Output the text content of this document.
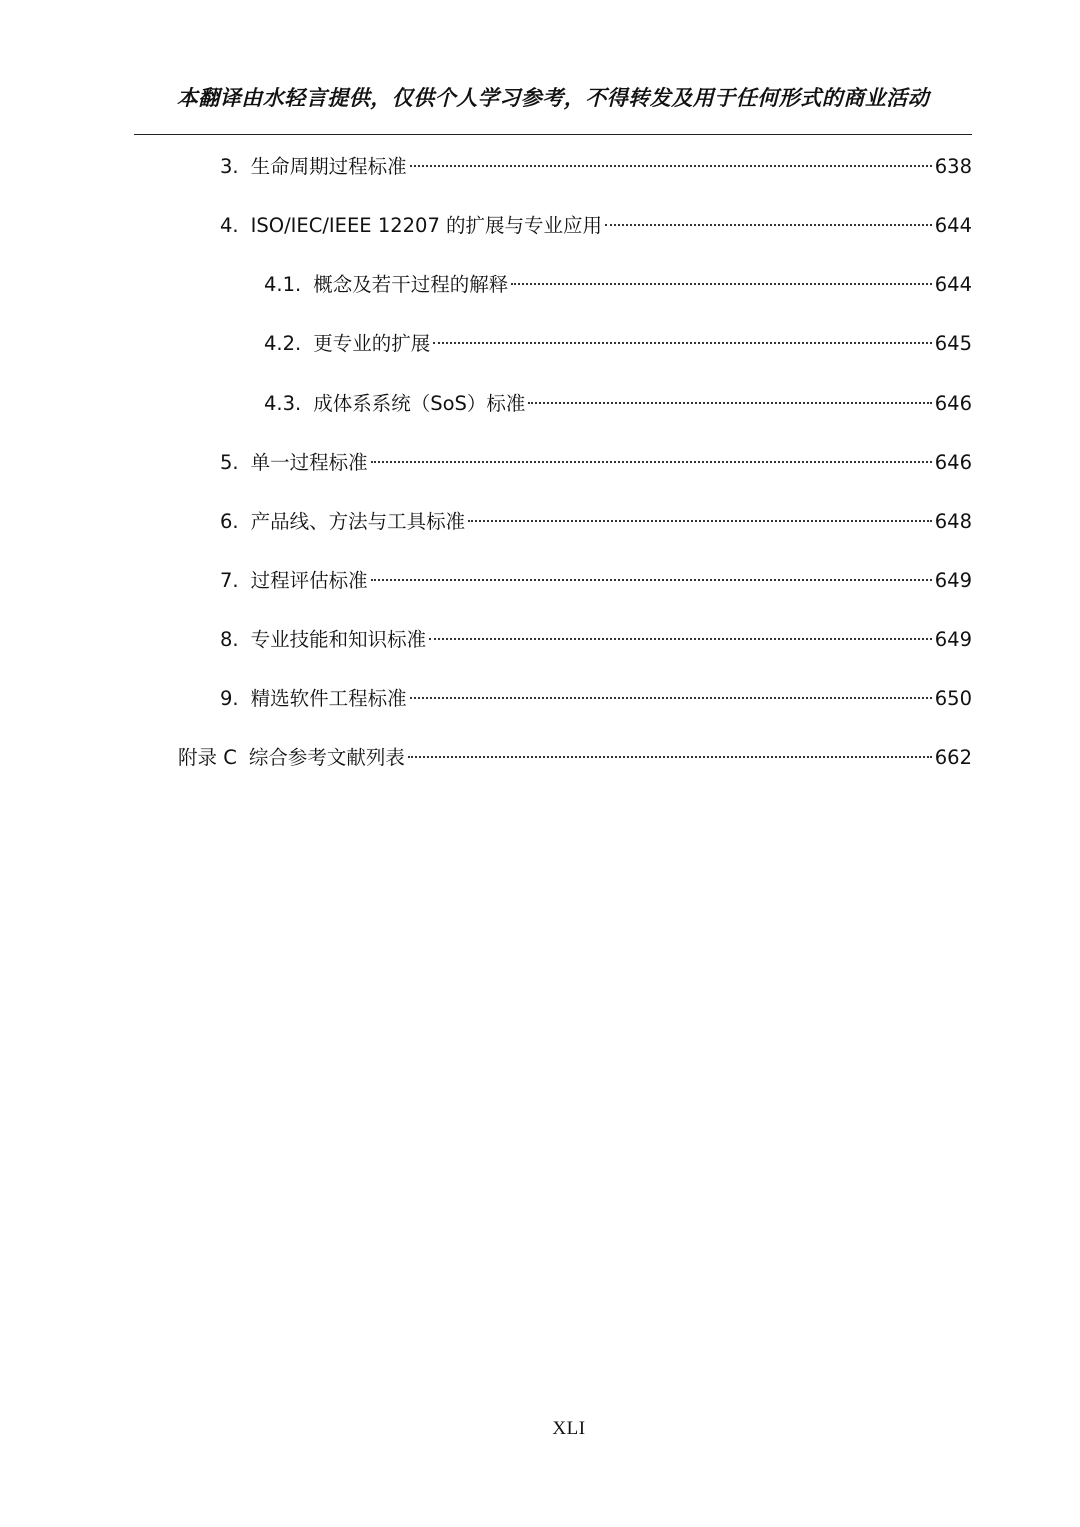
本翻译由水轻言提供，仅供个人学习参考，不得转发及用于任何形式的商业活动
3. 生命周期过程标准	638
4. ISO/IEC/IEEE 12207 的扩展与专业应用	644
4.1. 概念及若干过程的解释	644
4.2. 更专业的扩展	645
4.3. 成体系系统（SoS）标准	646
5. 单一过程标准	646
6. 产品线、方法与工具标准	648
7. 过程评估标准	649
8. 专业技能和知识标准	649
9. 精选软件工程标准	650
附录 C 综合参考文献列表	662
XLI
